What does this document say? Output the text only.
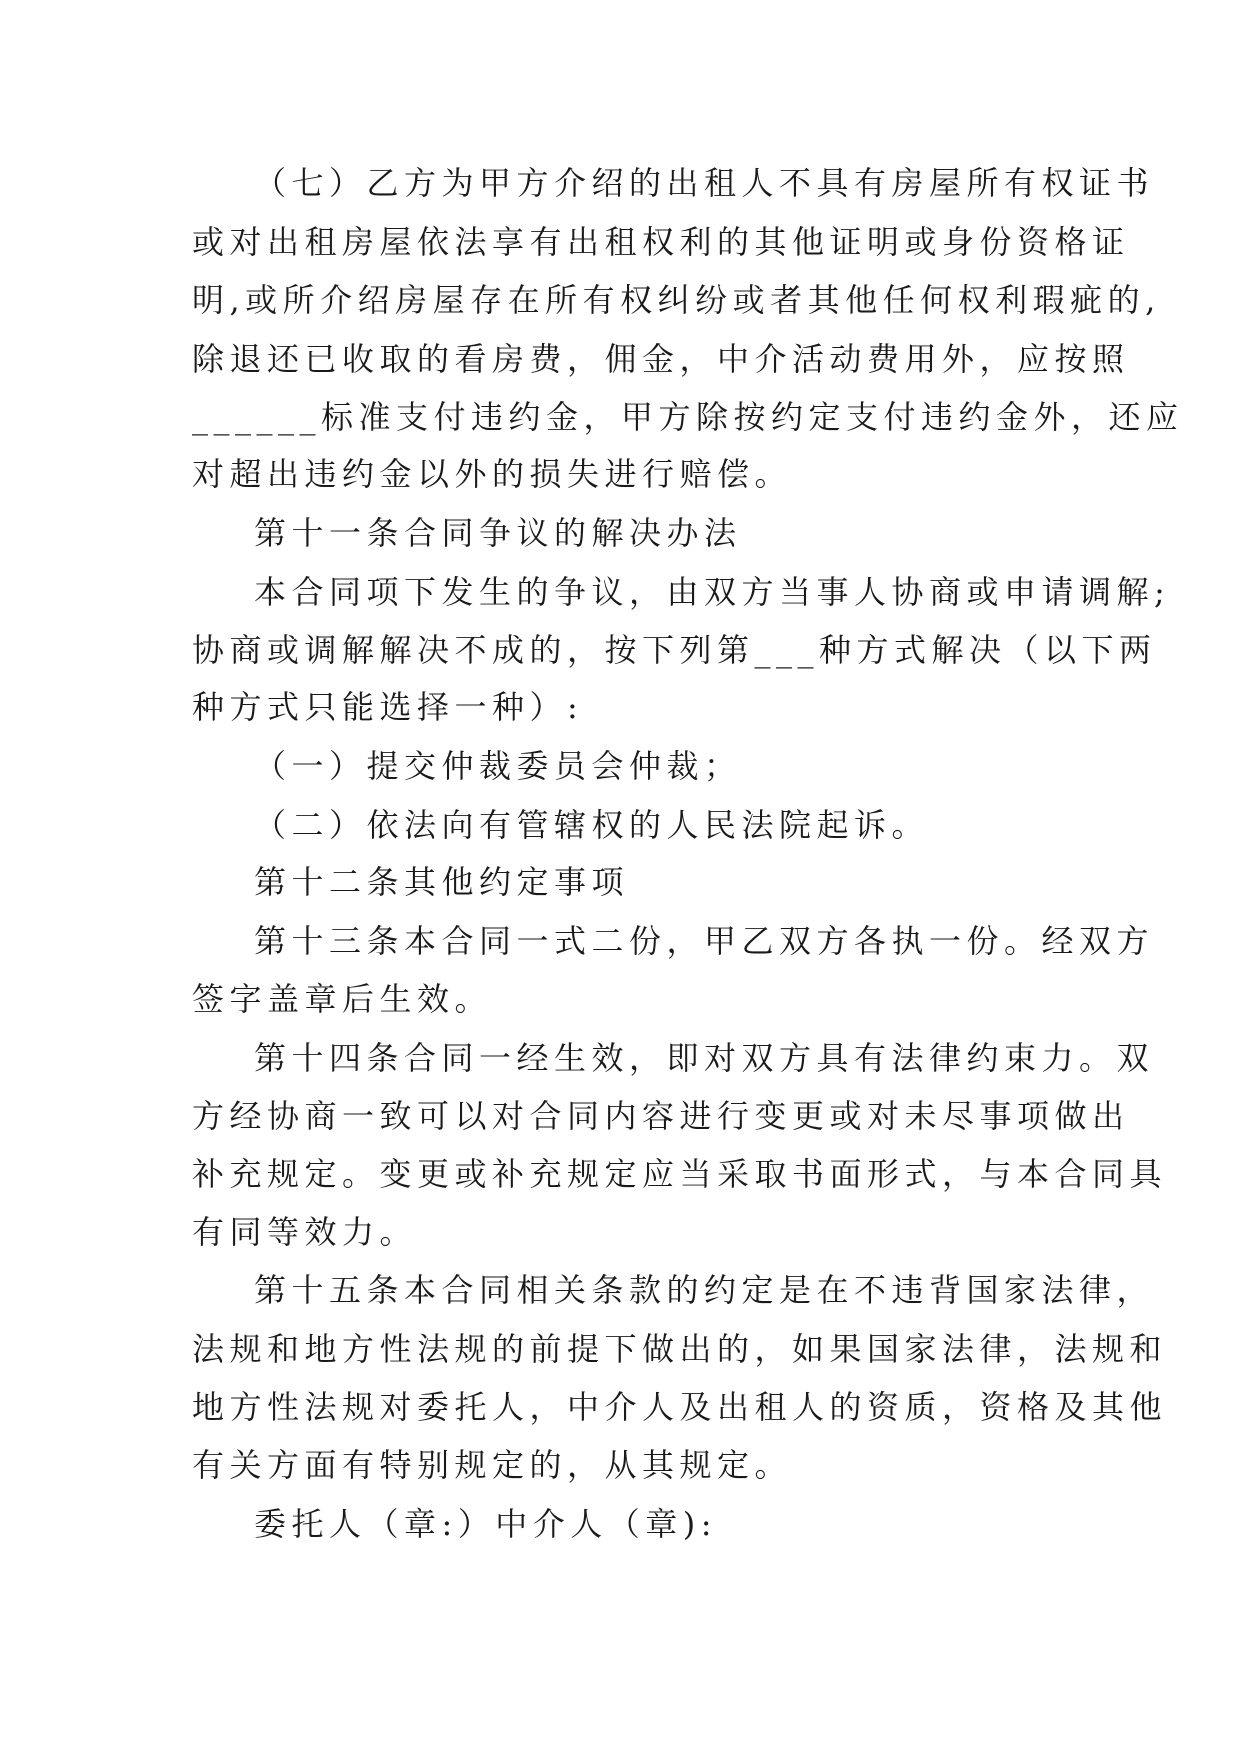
（七）乙方为甲方介绍的出租人不具有房屋所有权证书
或对出租房屋依法享有出租权利的其他证明或身份资格证
明,或所介绍房屋存在所有权纠纷或者其他任何权利瑕疵的,
除退还已收取的看房费，佣金，中介活动费用外，应按照
______标准支付违约金，甲方除按约定支付违约金外，还应
对超出违约金以外的损失进行赔偿。
第十一条合同争议的解决办法
本合同项下发生的争议，由双方当事人协商或申请调解;
协商或调解解决不成的，按下列第___种方式解决（以下两
种方式只能选择一种）:
（一）提交仲裁委员会仲裁；
（二）依法向有管辖权的人民法院起诉。
第十二条其他约定事项
第十三条本合同一式二份，甲乙双方各执一份。经双方
签字盖章后生效。
第十四条合同一经生效，即对双方具有法律约束力。双
方经协商一致可以对合同内容进行变更或对未尽事项做出
补充规定。变更或补充规定应当采取书面形式，与本合同具
有同等效力。
第十五条本合同相关条款的约定是在不违背国家法律，
法规和地方性法规的前提下做出的，如果国家法律，法规和
地方性法规对委托人，中介人及出租人的资质，资格及其他
有关方面有特别规定的，从其规定。
委托人（章:）中介人（章):
